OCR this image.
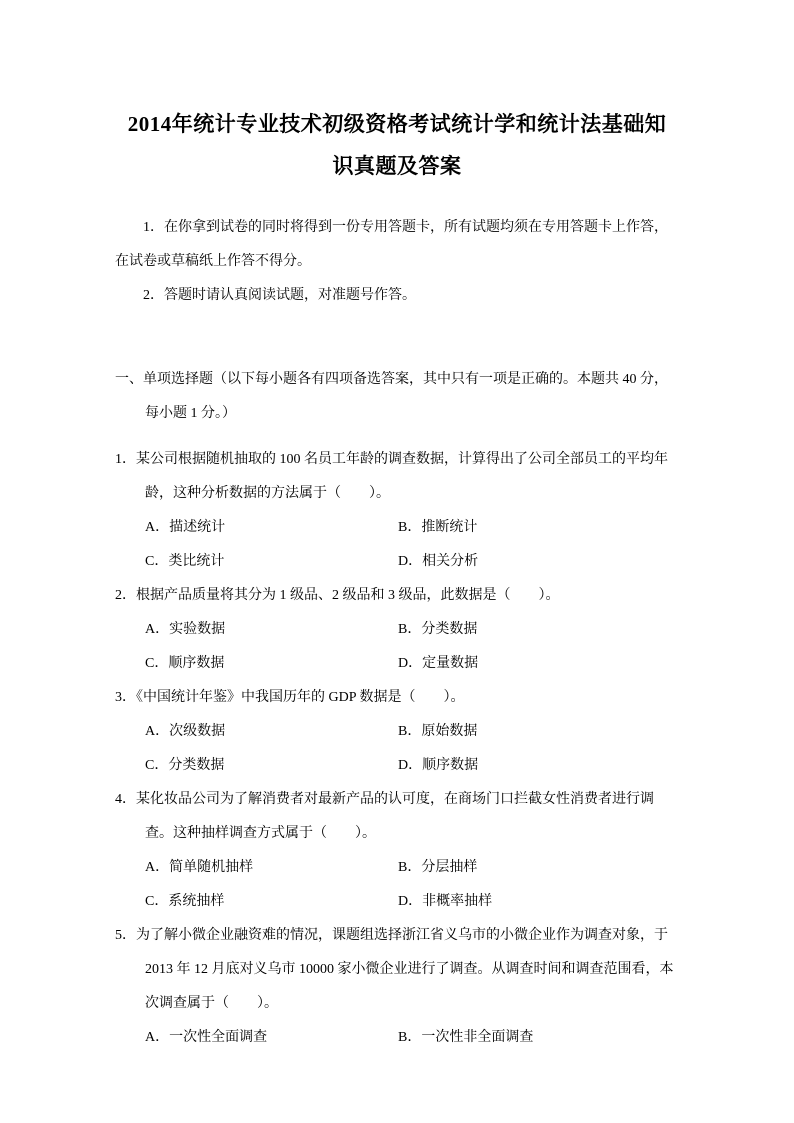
2014年统计专业技术初级资格考试统计学和统计法基础知识真题及答案

1．在你拿到试卷的同时将得到一份专用答题卡，所有试题均须在专用答题卡上作答，在试卷或草稿纸上作答不得分。

2．答题时请认真阅读试题，对准题号作答。

一、单项选择题（以下每小题各有四项备选答案，其中只有一项是正确的。本题共 40 分，每小题 1 分。）

1．某公司根据随机抽取的 100 名员工年龄的调查数据，计算得出了公司全部员工的平均年龄，这种分析数据的方法属于（　　）。

A．描述统计	B．推断统计
C．类比统计	D．相关分析

2．根据产品质量将其分为 1 级品、2 级品和 3 级品，此数据是（　　）。

A．实验数据	B．分类数据
C．顺序数据	D．定量数据

3．《中国统计年鉴》中我国历年的 GDP 数据是（　　）。

A．次级数据	B．原始数据
C．分类数据	D．顺序数据

4．某化妆品公司为了解消费者对最新产品的认可度，在商场门口拦截女性消费者进行调查。这种抽样调查方式属于（　　）。

A．简单随机抽样	B．分层抽样
C．系统抽样	D．非概率抽样

5．为了解小微企业融资难的情况，课题组选择浙江省义乌市的小微企业作为调查对象，于 2013 年 12 月底对义乌市 10000 家小微企业进行了调查。从调查时间和调查范围看，本次调查属于（　　）。

A．一次性全面调查	B．一次性非全面调查
